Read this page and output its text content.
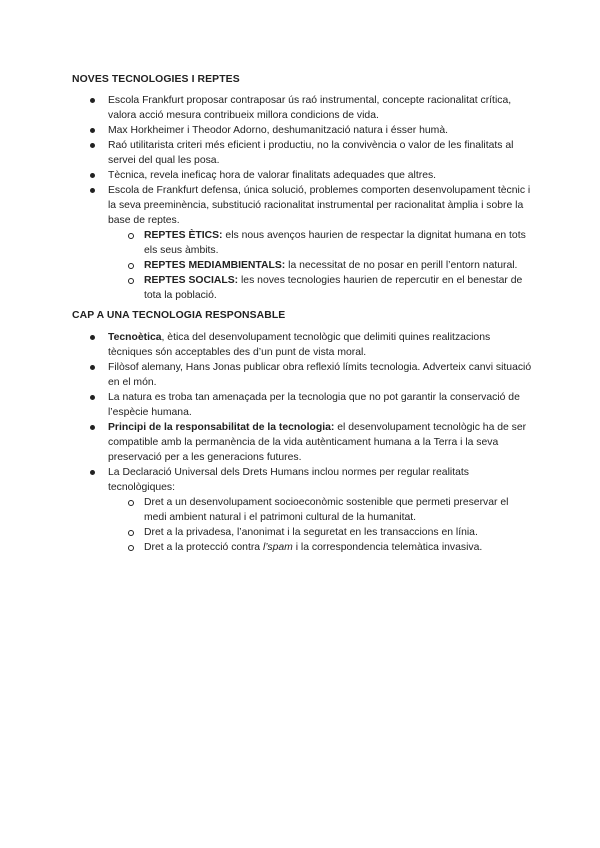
NOVES TECNOLOGIES I REPTES
Escola Frankfurt proposar contraposar ús raó instrumental, concepte racionalitat crítica, valora acció mesura contribueix millora condicions de vida.
Max Horkheimer i Theodor Adorno, deshumanització natura i ésser humà.
Raó utilitarista criteri més eficient i productiu, no la convivència o valor de les finalitats al servei del qual les posa.
Tècnica, revela ineficaç hora de valorar finalitats adequades que altres.
Escola de Frankfurt defensa, única solució, problemes comporten desenvolupament tècnic i la seva preeminència, substitució racionalitat instrumental per racionalitat àmplia i sobre la base de reptes.
REPTES ÈTICS: els nous avenços haurien de respectar la dignitat humana en tots els seus àmbits.
REPTES MEDIAMBIENTALS: la necessitat de no posar en perill l’entorn natural.
REPTES SOCIALS: les noves tecnologies haurien de repercutir en el benestar de tota la població.
CAP A UNA TECNOLOGIA RESPONSABLE
Tecnoètica, ètica del desenvolupament tecnològic que delimiti quines realitzacions tècniques són acceptables des d’un punt de vista moral.
Filòsof alemany, Hans Jonas publicar obra reflexió límits tecnologia. Adverteix canvi situació en el món.
La natura es troba tan amenaçada per la tecnologia que no pot garantir la conservació de l’espècie humana.
Principi de la responsabilitat de la tecnologia: el desenvolupament tecnològic ha de ser compatible amb la permanència de la vida autènticament humana a la Terra i la seva preservació per a les generacions futures.
La Declaració Universal dels Drets Humans inclou normes per regular realitats tecnològiques:
Dret a un desenvolupament socioeconòmic sostenible que permeti preservar el medi ambient natural i el patrimoni cultural de la humanitat.
Dret a la privadesa, l’anonimat i la seguretat en les transaccions en línia.
Dret a la protecció contra l’spam i la correspondencia telemàtica invasiva.
